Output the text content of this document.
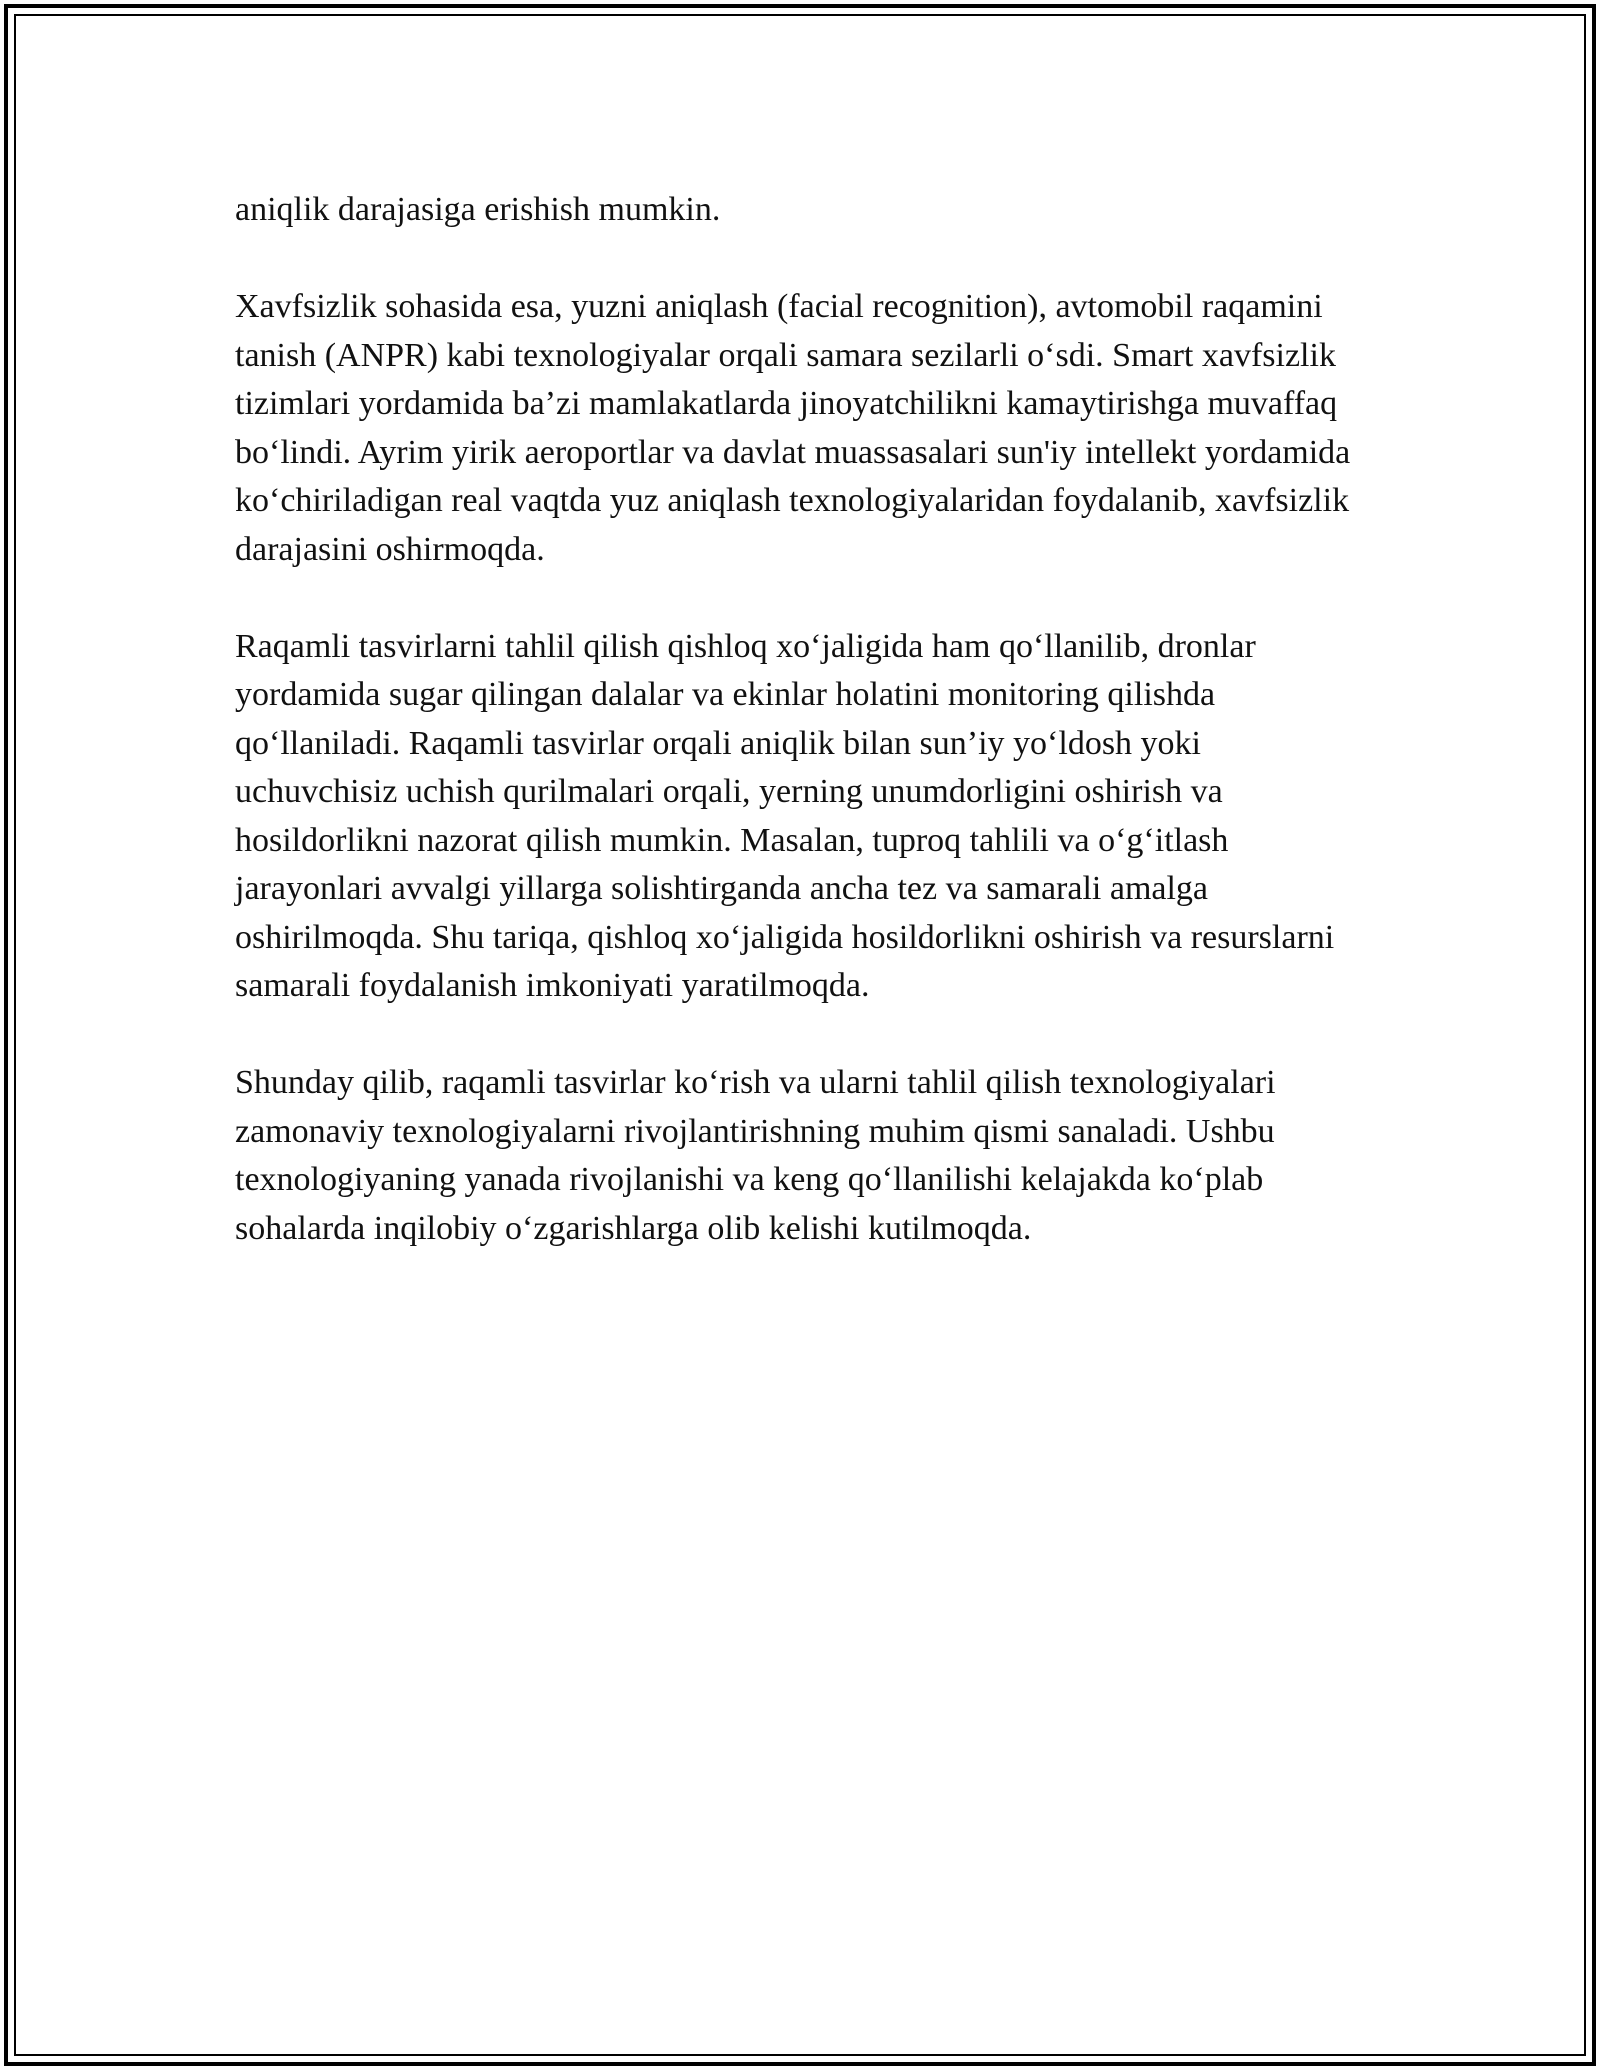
aniqlik darajasiga erishish mumkin.

Xavfsizlik sohasida esa, yuzni aniqlash (facial recognition), avtomobil raqamini tanish (ANPR) kabi texnologiyalar orqali samara sezilarli o‘sdi. Smart xavfsizlik tizimlari yordamida ba’zi mamlakatlarda jinoyatchilikni kamaytirishga muvaffaq bo‘lindi. Ayrim yirik aeroportlar va davlat muassasalari sun'iy intellekt yordamida ko‘chiriladigan real vaqtda yuz aniqlash texnologiyalaridan foydalanib, xavfsizlik darajasini oshirmoqda.

Raqamli tasvirlarni tahlil qilish qishloq xo‘jaligida ham qo‘llanilib, dronlar yordamida sugar qilingan dalalar va ekinlar holatini monitoring qilishda qo‘llaniladi. Raqamli tasvirlar orqali aniqlik bilan sun’iy yo‘ldosh yoki uchuvchisiz uchish qurilmalari orqali, yerning unumdorligini oshirish va hosildorlikni nazorat qilish mumkin. Masalan, tuproq tahlili va o‘g‘itlash jarayonlari avvalgi yillarga solishtirganda ancha tez va samarali amalga oshirilmoqda. Shu tariqa, qishloq xo‘jaligida hosildorlikni oshirish va resurslarni samarali foydalanish imkoniyati yaratilmoqda.

Shunday qilib, raqamli tasvirlar ko‘rish va ularni tahlil qilish texnologiyalari zamonaviy texnologiyalarni rivojlantirishning muhim qismi sanaladi. Ushbu texnologiyaning yanada rivojlanishi va keng qo‘llanilishi kelajakda ko‘plab sohalarda inqilobiy o‘zgarishlarga olib kelishi kutilmoqda.
